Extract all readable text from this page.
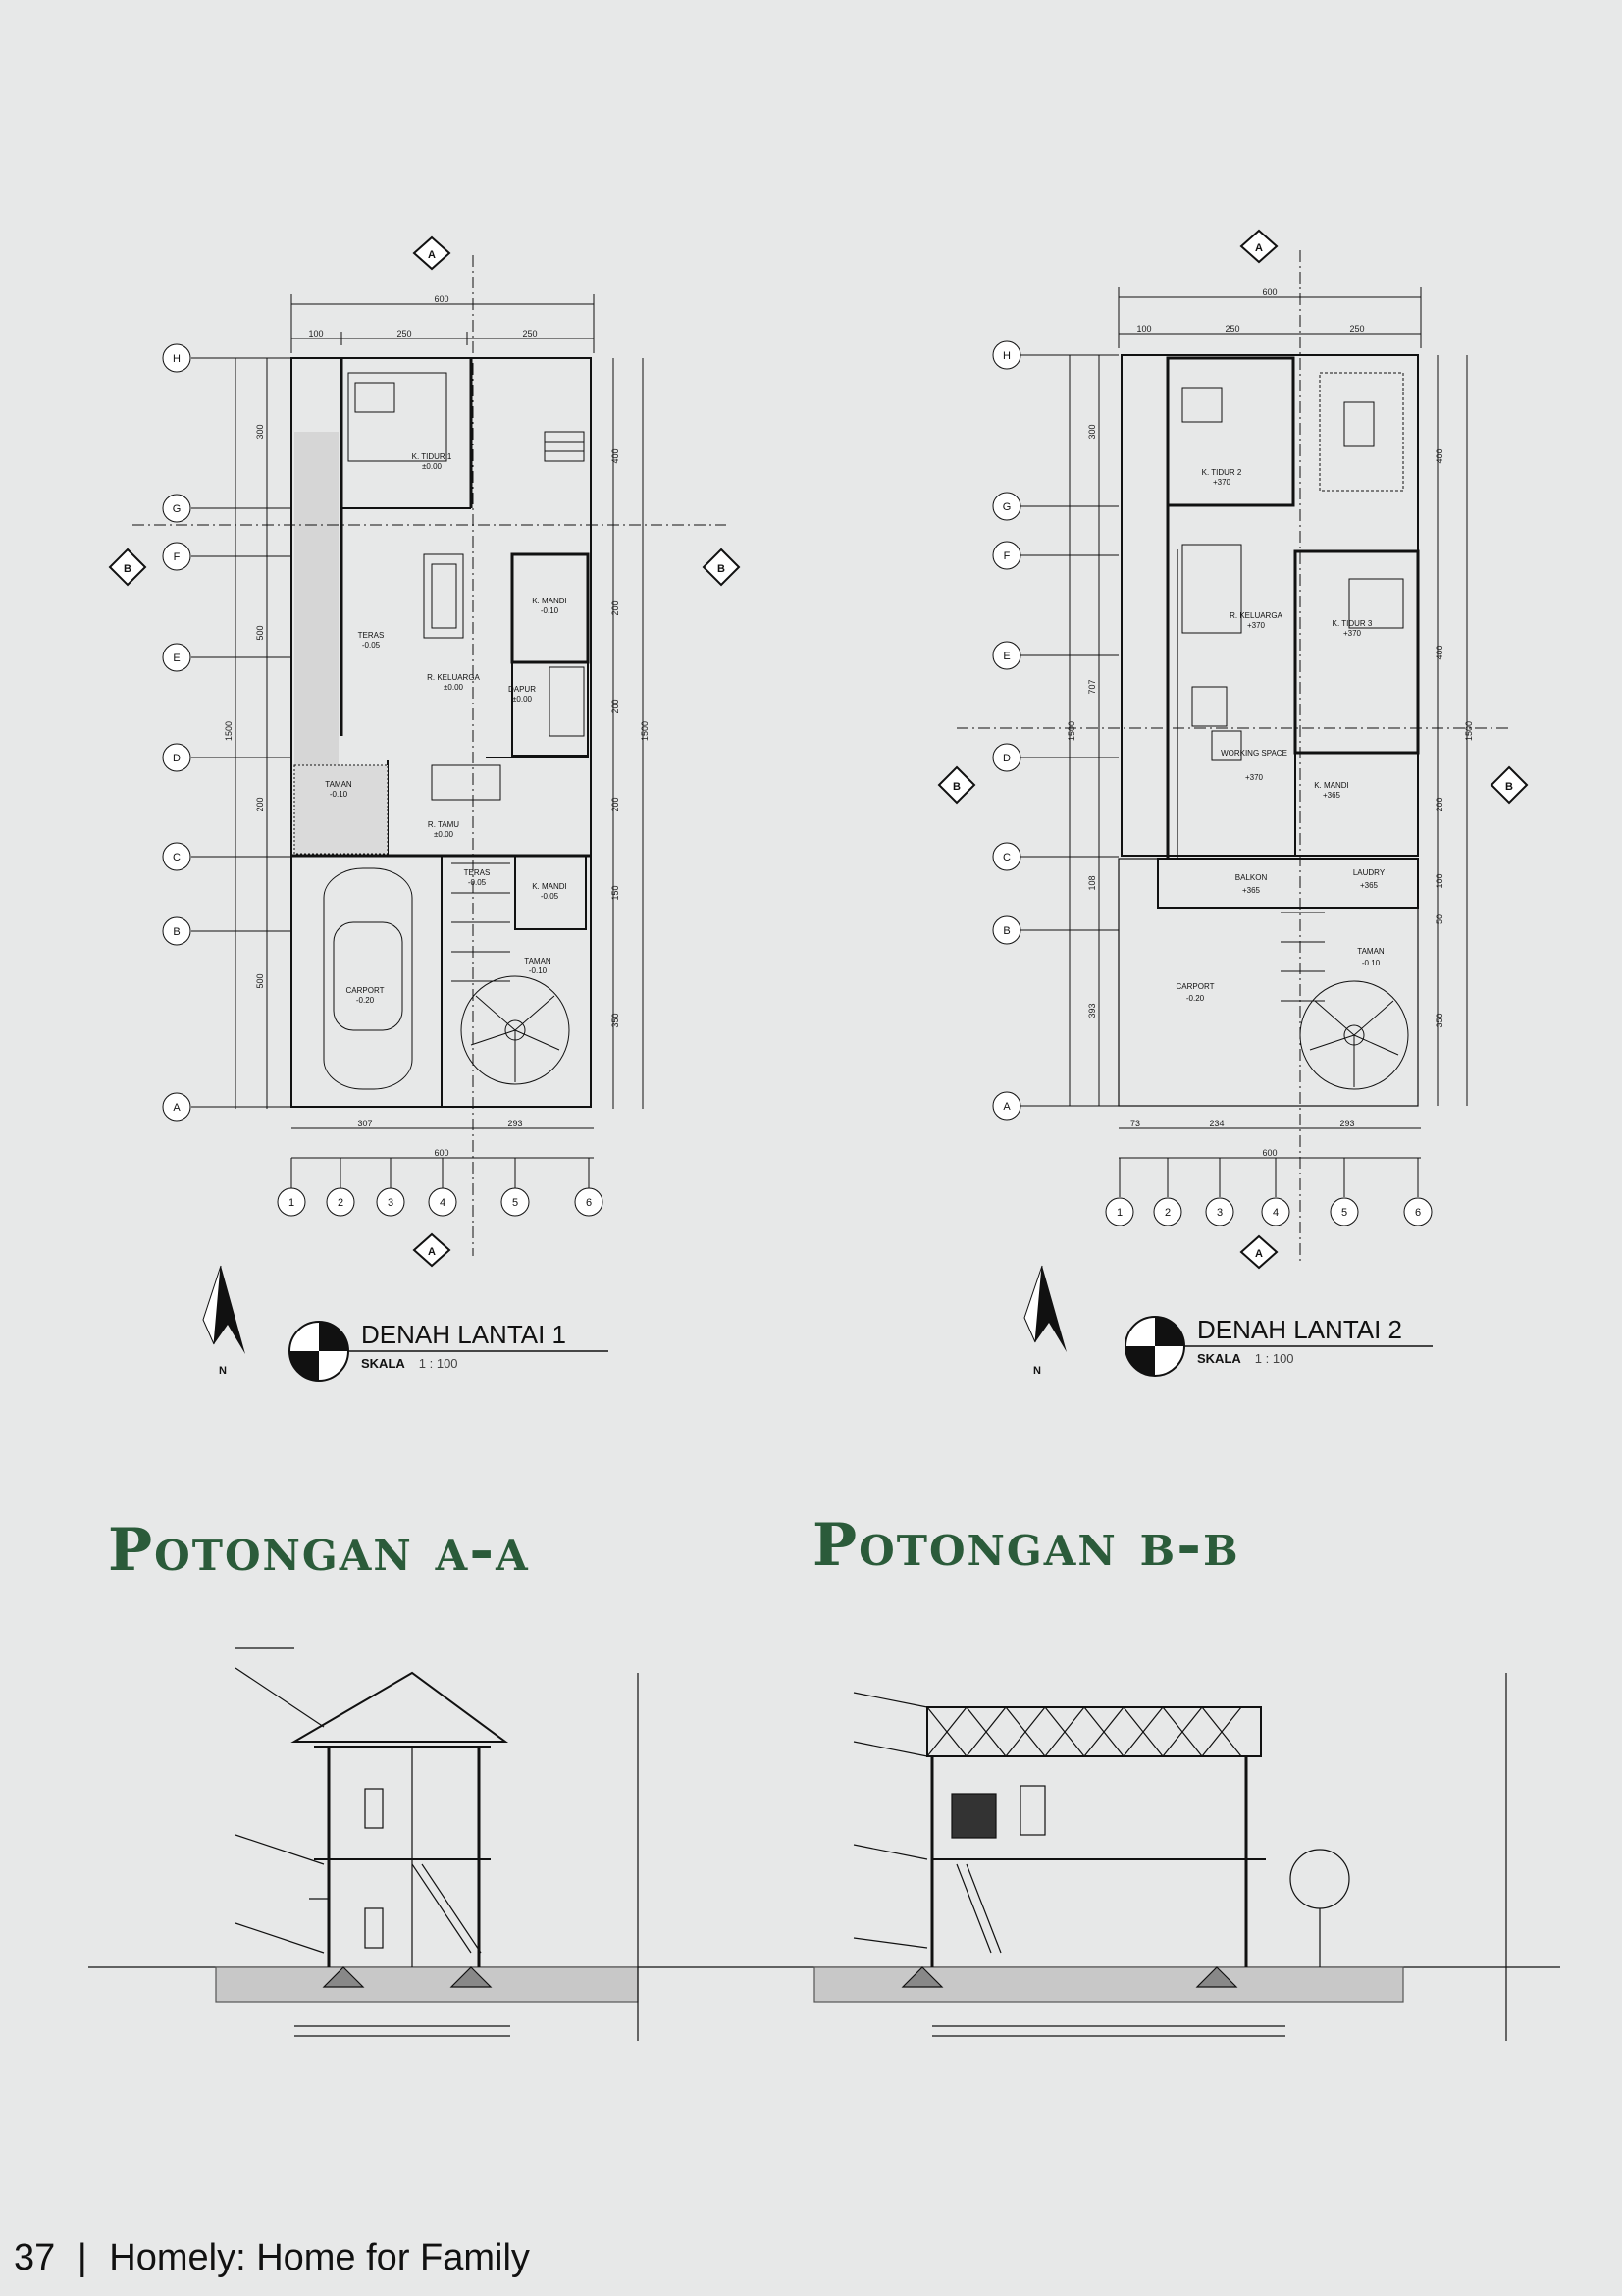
H
G
F
E
D
C
B
A
1	2	3	4	5	6
A
A
B	B
600
100	250	250
307	293
600
1500
300
500
200
500
400
200
200
200
150
350
1500
K. TIDUR 1
±0.00
K. MANDI
-0.10
TERAS
-0.05
R. KELUARGA
±0.00	DAPUR
±0.00
TAMAN
-0.10
R. TAMU
±0.00
TERAS
-0.05	K. MANDI
-0.05
TAMAN
-0.10
CARPORT
-0.20
N
H
G
F
E
D
C
B
A
1	2	3	4	5	6
A
A
B	B
600
100	250	250
73	234	293
600
1500
300
707
108
393
400
400
200
100
50
350
1500
K. TIDUR 2
+370
R. KELUARGA
+370	K. TIDUR 3
+370
WORKING SPACE
+370
K. MANDI
+365
BALKON
+365
LAUDRY
+365
CARPORT
-0.20
TAMAN
-0.10
N
DENAH LANTAI 1
SKALA 1 : 100
DENAH LANTAI 2
SKALA 1 : 100
Potongan a-a	Potongan b-b
37 | Homely: Home for Family
